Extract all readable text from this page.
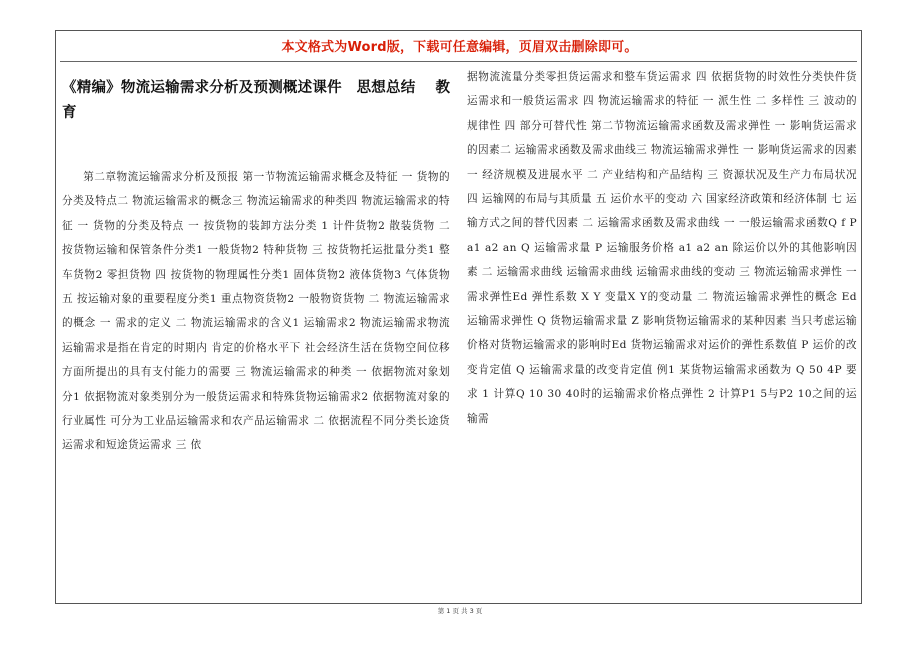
本文格式为Word版，下载可任意编辑，页眉双击删除即可。
《精编》物流运输需求分析及预测概述课件　思想总结　 教育

第二章物流运输需求分析及预报 第一节物流运输需求概念及特征 一 货物的分类及特点二 物流运输需求的概念三 物流运输需求的种类四 物流运输需求的特征 一 货物的分类及特点 一 按货物的装卸方法分类 1 计件货物2 散装货物 二 按货物运输和保管条件分类1 一般货物2 特种货物 三 按货物托运批量分类1 整车货物2 零担货物 四 按货物的物理属性分类1 固体货物2 液体货物3 气体货物 五 按运输对象的重要程度分类1 重点物资货物2 一般物资货物 二 物流运输需求的概念 一 需求的定义 二 物流运输需求的含义1 运输需求2 物流运输需求物流运输需求是指在肯定的时期内 肯定的价格水平下 社会经济生活在货物空间位移方面所提出的具有支付能力的需要 三 物流运输需求的种类 一 依据物流对象划分1 依据物流对象类别分为一般货运需求和特殊货物运输需求2 依据物流对象的行业属性 可分为工业品运输需求和农产品运输需求 二 依据流程不同分类长途货运需求和短途货运需求 三 依

据物流流量分类零担货运需求和整车货运需求 四 依据货物的时效性分类快件货运需求和一般货运需求 四 物流运输需求的特征 一 派生性 二 多样性 三 波动的规律性 四 部分可替代性 第二节物流运输需求函数及需求弹性 一 影响货运需求的因素二 运输需求函数及需求曲线三 物流运输需求弹性 一 影响货运需求的因素 一 经济规模及进展水平 二 产业结构和产品结构 三 资源状况及生产力布局状况 四 运输网的布局与其质量 五 运价水平的变动 六 国家经济政策和经济体制 七 运输方式之间的替代因素 二 运输需求函数及需求曲线 一 一般运输需求函数Q f P a1 a2 an Q 运输需求量 P 运输服务价格 a1 a2 an 除运价以外的其他影响因素 二 运输需求曲线 运输需求曲线 运输需求曲线的变动 三 物流运输需求弹性 一 需求弹性Ed 弹性系数 X Y 变量X Y的变动量 二 物流运输需求弹性的概念 Ed 运输需求弹性 Q 货物运输需求量 Z 影响货物运输需求的某种因素 当只考虑运输价格对货物运输需求的影响时Ed 货物运输需求对运价的弹性系数值 P 运价的改变肯定值 Q 运输需求量的改变肯定值 例1 某货物运输需求函数为 Q 50 4P 要求 1 计算Q 10 30 40时的运输需求价格点弹性 2 计算P1 5与P2 10之间的运输需

第 1 页 共 3 页
